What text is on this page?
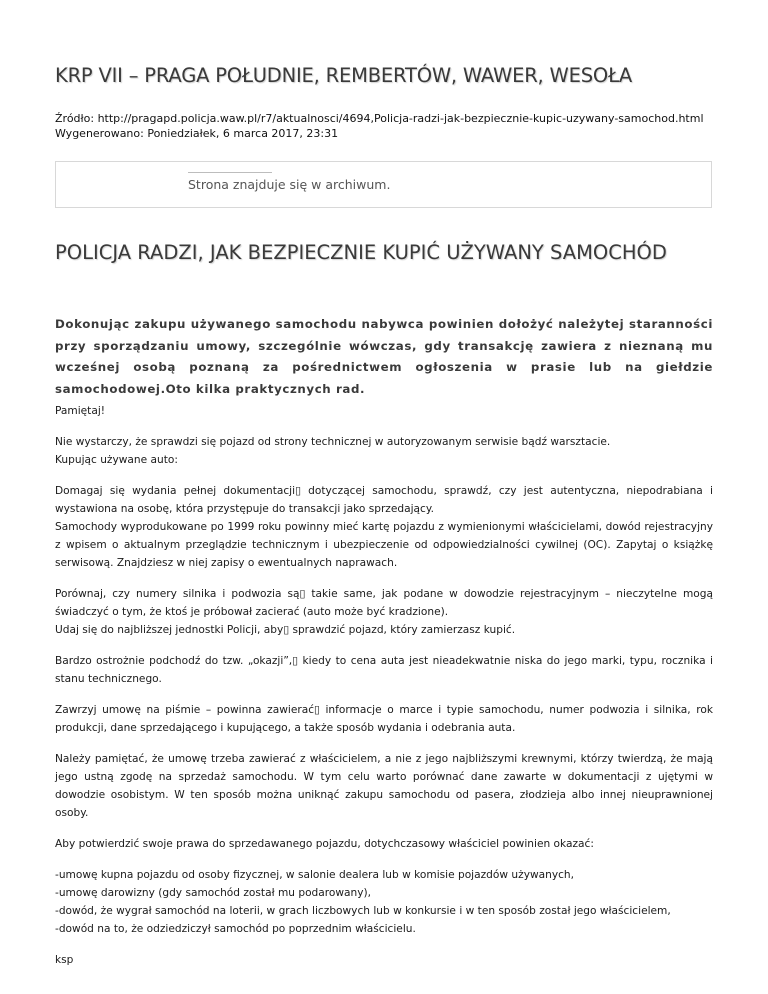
KRP VII – PRAGA POŁUDNIE, REMBERTÓW, WAWER, WESOŁA
Źródło: http://pragapd.policja.waw.pl/r7/aktualnosci/4694,Policja-radzi-jak-bezpiecznie-kupic-uzywany-samochod.html
Wygenerowano: Poniedziałek, 6 marca 2017, 23:31
Strona znajduje się w archiwum.
POLICJA RADZI, JAK BEZPIECZNIE KUPIĆ UŻYWANY SAMOCHÓD

Dokonując zakupu używanego samochodu nabywca powinien dołożyć należytej staranności przy sporządzaniu umowy, szczególnie wówczas, gdy transakcję zawiera z nieznaną mu wcześnej osobą poznaną za pośrednictwem ogłoszenia w prasie lub na giełdzie samochodowej.Oto kilka praktycznych rad.

Pamiętaj!

Nie wystarczy, że sprawdzi się pojazd od strony technicznej w autoryzowanym serwisie bądź warsztacie.
Kupując używane auto:

Domagaj się wydania pełnej dokumentacji▯ dotyczącej samochodu, sprawdź, czy jest autentyczna, niepodrabiana i wystawiona na osobę, która przystępuje do transakcji jako sprzedający.
Samochody wyprodukowane po 1999 roku powinny mieć kartę pojazdu z wymienionymi właścicielami, dowód rejestracyjny z wpisem o aktualnym przeglądzie technicznym i ubezpieczenie od odpowiedzialności cywilnej (OC). Zapytaj o książkę serwisową. Znajdziesz w niej zapisy o ewentualnych naprawach.

Porównaj, czy numery silnika i podwozia są▯ takie same, jak podane w dowodzie rejestracyjnym – nieczytelne mogą świadczyć o tym, że ktoś je próbował zacierać (auto może być kradzione).
Udaj się do najbliższej jednostki Policji, aby▯ sprawdzić pojazd, który zamierzasz kupić.

Bardzo ostrożnie podchodź do tzw. „okazji”,▯ kiedy to cena auta jest nieadekwatnie niska do jego marki, typu, rocznika i stanu technicznego.

Zawrzyj umowę na piśmie – powinna zawierać▯ informacje o marce i typie samochodu, numer podwozia i silnika, rok produkcji, dane sprzedającego i kupującego, a także sposób wydania i odebrania auta.

Należy pamiętać, że umowę trzeba zawierać z właścicielem, a nie z jego najbliższymi krewnymi, którzy twierdzą, że mają jego ustną zgodę na sprzedaż samochodu. W tym celu warto porównać dane zawarte w dokumentacji z ujętymi w dowodzie osobistym. W ten sposób można uniknąć zakupu samochodu od pasera, złodzieja albo innej nieuprawnionej osoby.

Aby potwierdzić swoje prawa do sprzedawanego pojazdu, dotychczasowy właściciel powinien okazać:

-umowę kupna pojazdu od osoby fizycznej, w salonie dealera lub w komisie pojazdów używanych,
-umowę darowizny (gdy samochód został mu podarowany),
-dowód, że wygrał samochód na loterii, w grach liczbowych lub w konkursie i w ten sposób został jego właścicielem,
-dowód na to, że odziedziczył samochód po poprzednim właścicielu.

ksp
